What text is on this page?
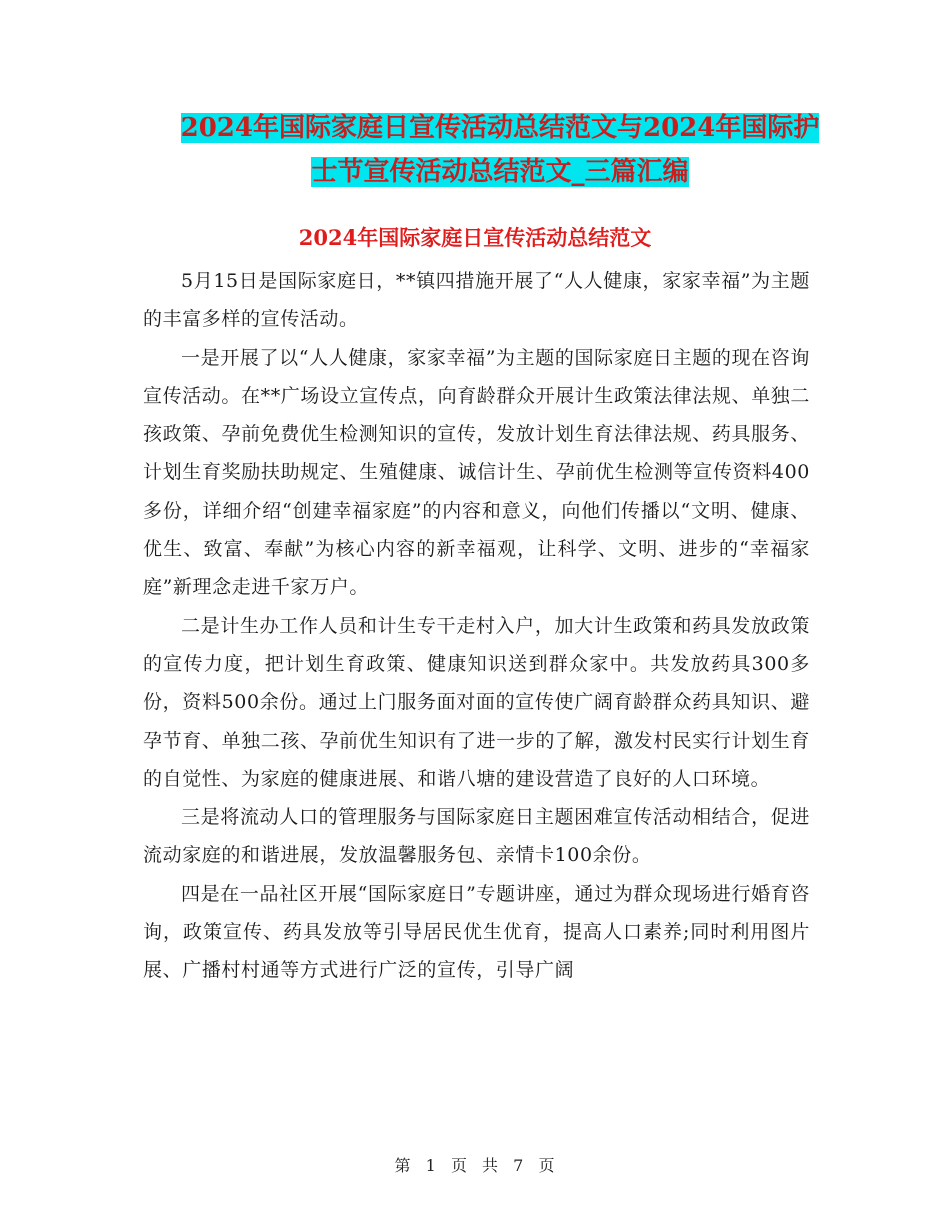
2024年国际家庭日宣传活动总结范文与2024年国际护
士节宣传活动总结范文_三篇汇编
2024年国际家庭日宣传活动总结范文

5月15日是国际家庭日，**镇四措施开展了“人人健康，家家幸福”为主题的丰富多样的宣传活动。

一是开展了以“人人健康，家家幸福”为主题的国际家庭日主题的现在咨询宣传活动。在**广场设立宣传点，向育龄群众开展计生政策法律法规、单独二孩政策、孕前免费优生检测知识的宣传，发放计划生育法律法规、药具服务、计划生育奖励扶助规定、生殖健康、诚信计生、孕前优生检测等宣传资料400多份，详细介绍“创建幸福家庭”的内容和意义，向他们传播以“文明、健康、优生、致富、奉献”为核心内容的新幸福观，让科学、文明、进步的“幸福家庭”新理念走进千家万户。

二是计生办工作人员和计生专干走村入户，加大计生政策和药具发放政策的宣传力度，把计划生育政策、健康知识送到群众家中。共发放药具300多份，资料500余份。通过上门服务面对面的宣传使广阔育龄群众药具知识、避孕节育、单独二孩、孕前优生知识有了进一步的了解，激发村民实行计划生育的自觉性、为家庭的健康进展、和谐八塘的建设营造了良好的人口环境。

三是将流动人口的管理服务与国际家庭日主题困难宣传活动相结合，促进流动家庭的和谐进展，发放温馨服务包、亲情卡100余份。

四是在一品社区开展“国际家庭日”专题讲座，通过为群众现场进行婚育咨询，政策宣传、药具发放等引导居民优生优育，提高人口素养;同时利用图片展、广播村村通等方式进行广泛的宣传，引导广阔

第 1 页 共 7 页
